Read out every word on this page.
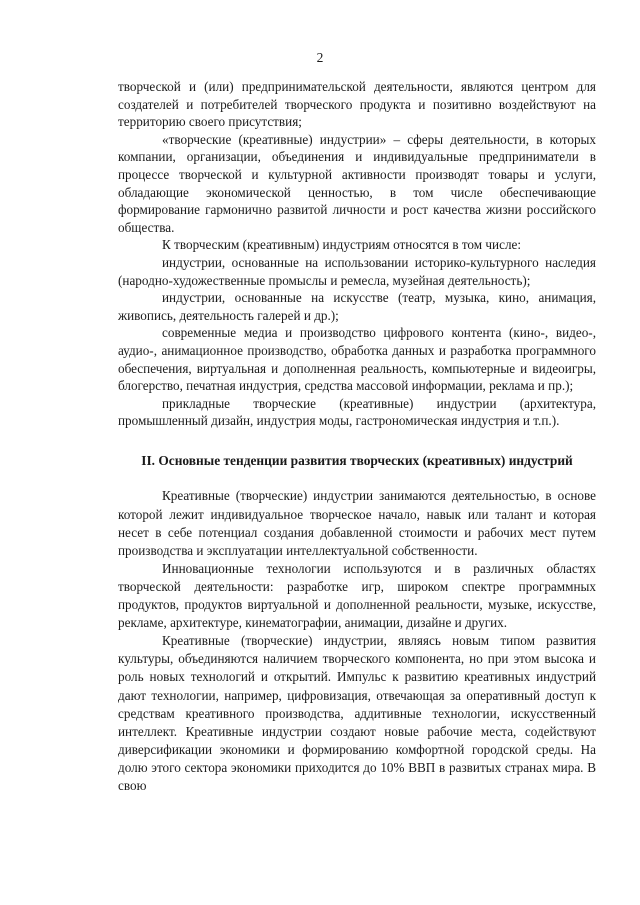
2

творческой и (или) предпринимательской деятельности, являются центром для создателей и потребителей творческого продукта и позитивно воздействуют на территорию своего присутствия;

«творческие (креативные) индустрии» – сферы деятельности, в которых компании, организации, объединения и индивидуальные предприниматели в процессе творческой и культурной активности производят товары и услуги, обладающие экономической ценностью, в том числе обеспечивающие формирование гармонично развитой личности и рост качества жизни российского общества.

К творческим (креативным) индустриям относятся в том числе:

индустрии, основанные на использовании историко-культурного наследия (народно-художественные промыслы и ремесла, музейная деятельность);

индустрии, основанные на искусстве (театр, музыка, кино, анимация, живопись, деятельность галерей и др.);

современные медиа и производство цифрового контента (кино-, видео-, аудио-, анимационное производство, обработка данных и разработка программного обеспечения, виртуальная и дополненная реальность, компьютерные и видеоигры, блогерство, печатная индустрия, средства массовой информации, реклама и пр.);

прикладные творческие (креативные) индустрии (архитектура, промышленный дизайн, индустрия моды, гастрономическая индустрия и т.п.).

II. Основные тенденции развития творческих (креативных) индустрий

Креативные (творческие) индустрии занимаются деятельностью, в основе которой лежит индивидуальное творческое начало, навык или талант и которая несет в себе потенциал создания добавленной стоимости и рабочих мест путем производства и эксплуатации интеллектуальной собственности.

Инновационные технологии используются и в различных областях творческой деятельности: разработке игр, широком спектре программных продуктов, продуктов виртуальной и дополненной реальности, музыке, искусстве, рекламе, архитектуре, кинематографии, анимации, дизайне и других.

Креативные (творческие) индустрии, являясь новым типом развития культуры, объединяются наличием творческого компонента, но при этом высока и роль новых технологий и открытий. Импульс к развитию креативных индустрий дают технологии, например, цифровизация, отвечающая за оперативный доступ к средствам креативного производства, аддитивные технологии, искусственный интеллект. Креативные индустрии создают новые рабочие места, содействуют диверсификации экономики и формированию комфортной городской среды. На долю этого сектора экономики приходится до 10% ВВП в развитых странах мира. В свою
